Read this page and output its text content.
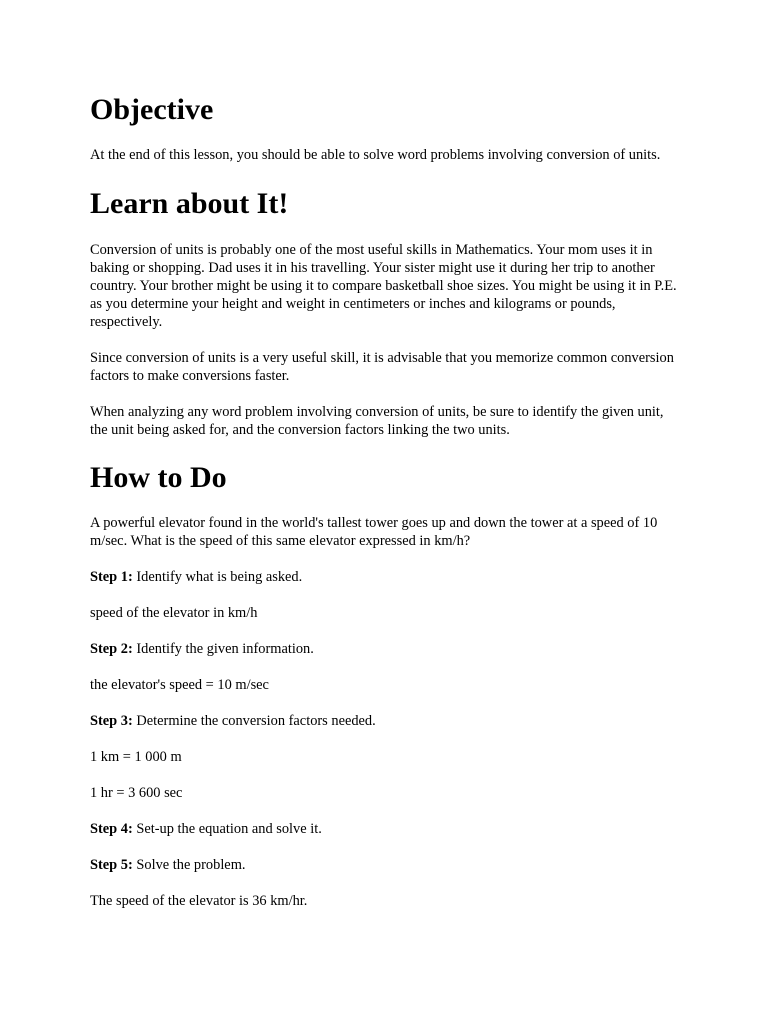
Objective

At the end of this lesson, you should be able to solve word problems involving conversion of units.

Learn about It!

Conversion of units is probably one of the most useful skills in Mathematics. Your mom uses it in baking or shopping. Dad uses it in his travelling. Your sister might use it during her trip to another country. Your brother might be using it to compare basketball shoe sizes. You might be using it in P.E. as you determine your height and weight in centimeters or inches and kilograms or pounds, respectively.

Since conversion of units is a very useful skill, it is advisable that you memorize common conversion factors to make conversions faster.

When analyzing any word problem involving conversion of units, be sure to identify the given unit, the unit being asked for, and the conversion factors linking the two units.

How to Do

A powerful elevator found in the world's tallest tower goes up and down the tower at a speed of 10 m/sec. What is the speed of this same elevator expressed in km/h?

Step 1: Identify what is being asked.

speed of the elevator in km/h

Step 2: Identify the given information.

the elevator's speed = 10 m/sec

Step 3: Determine the conversion factors needed.

1 km = 1 000 m

1 hr = 3 600 sec

Step 4: Set-up the equation and solve it.

Step 5: Solve the problem.

The speed of the elevator is 36 km/hr.
